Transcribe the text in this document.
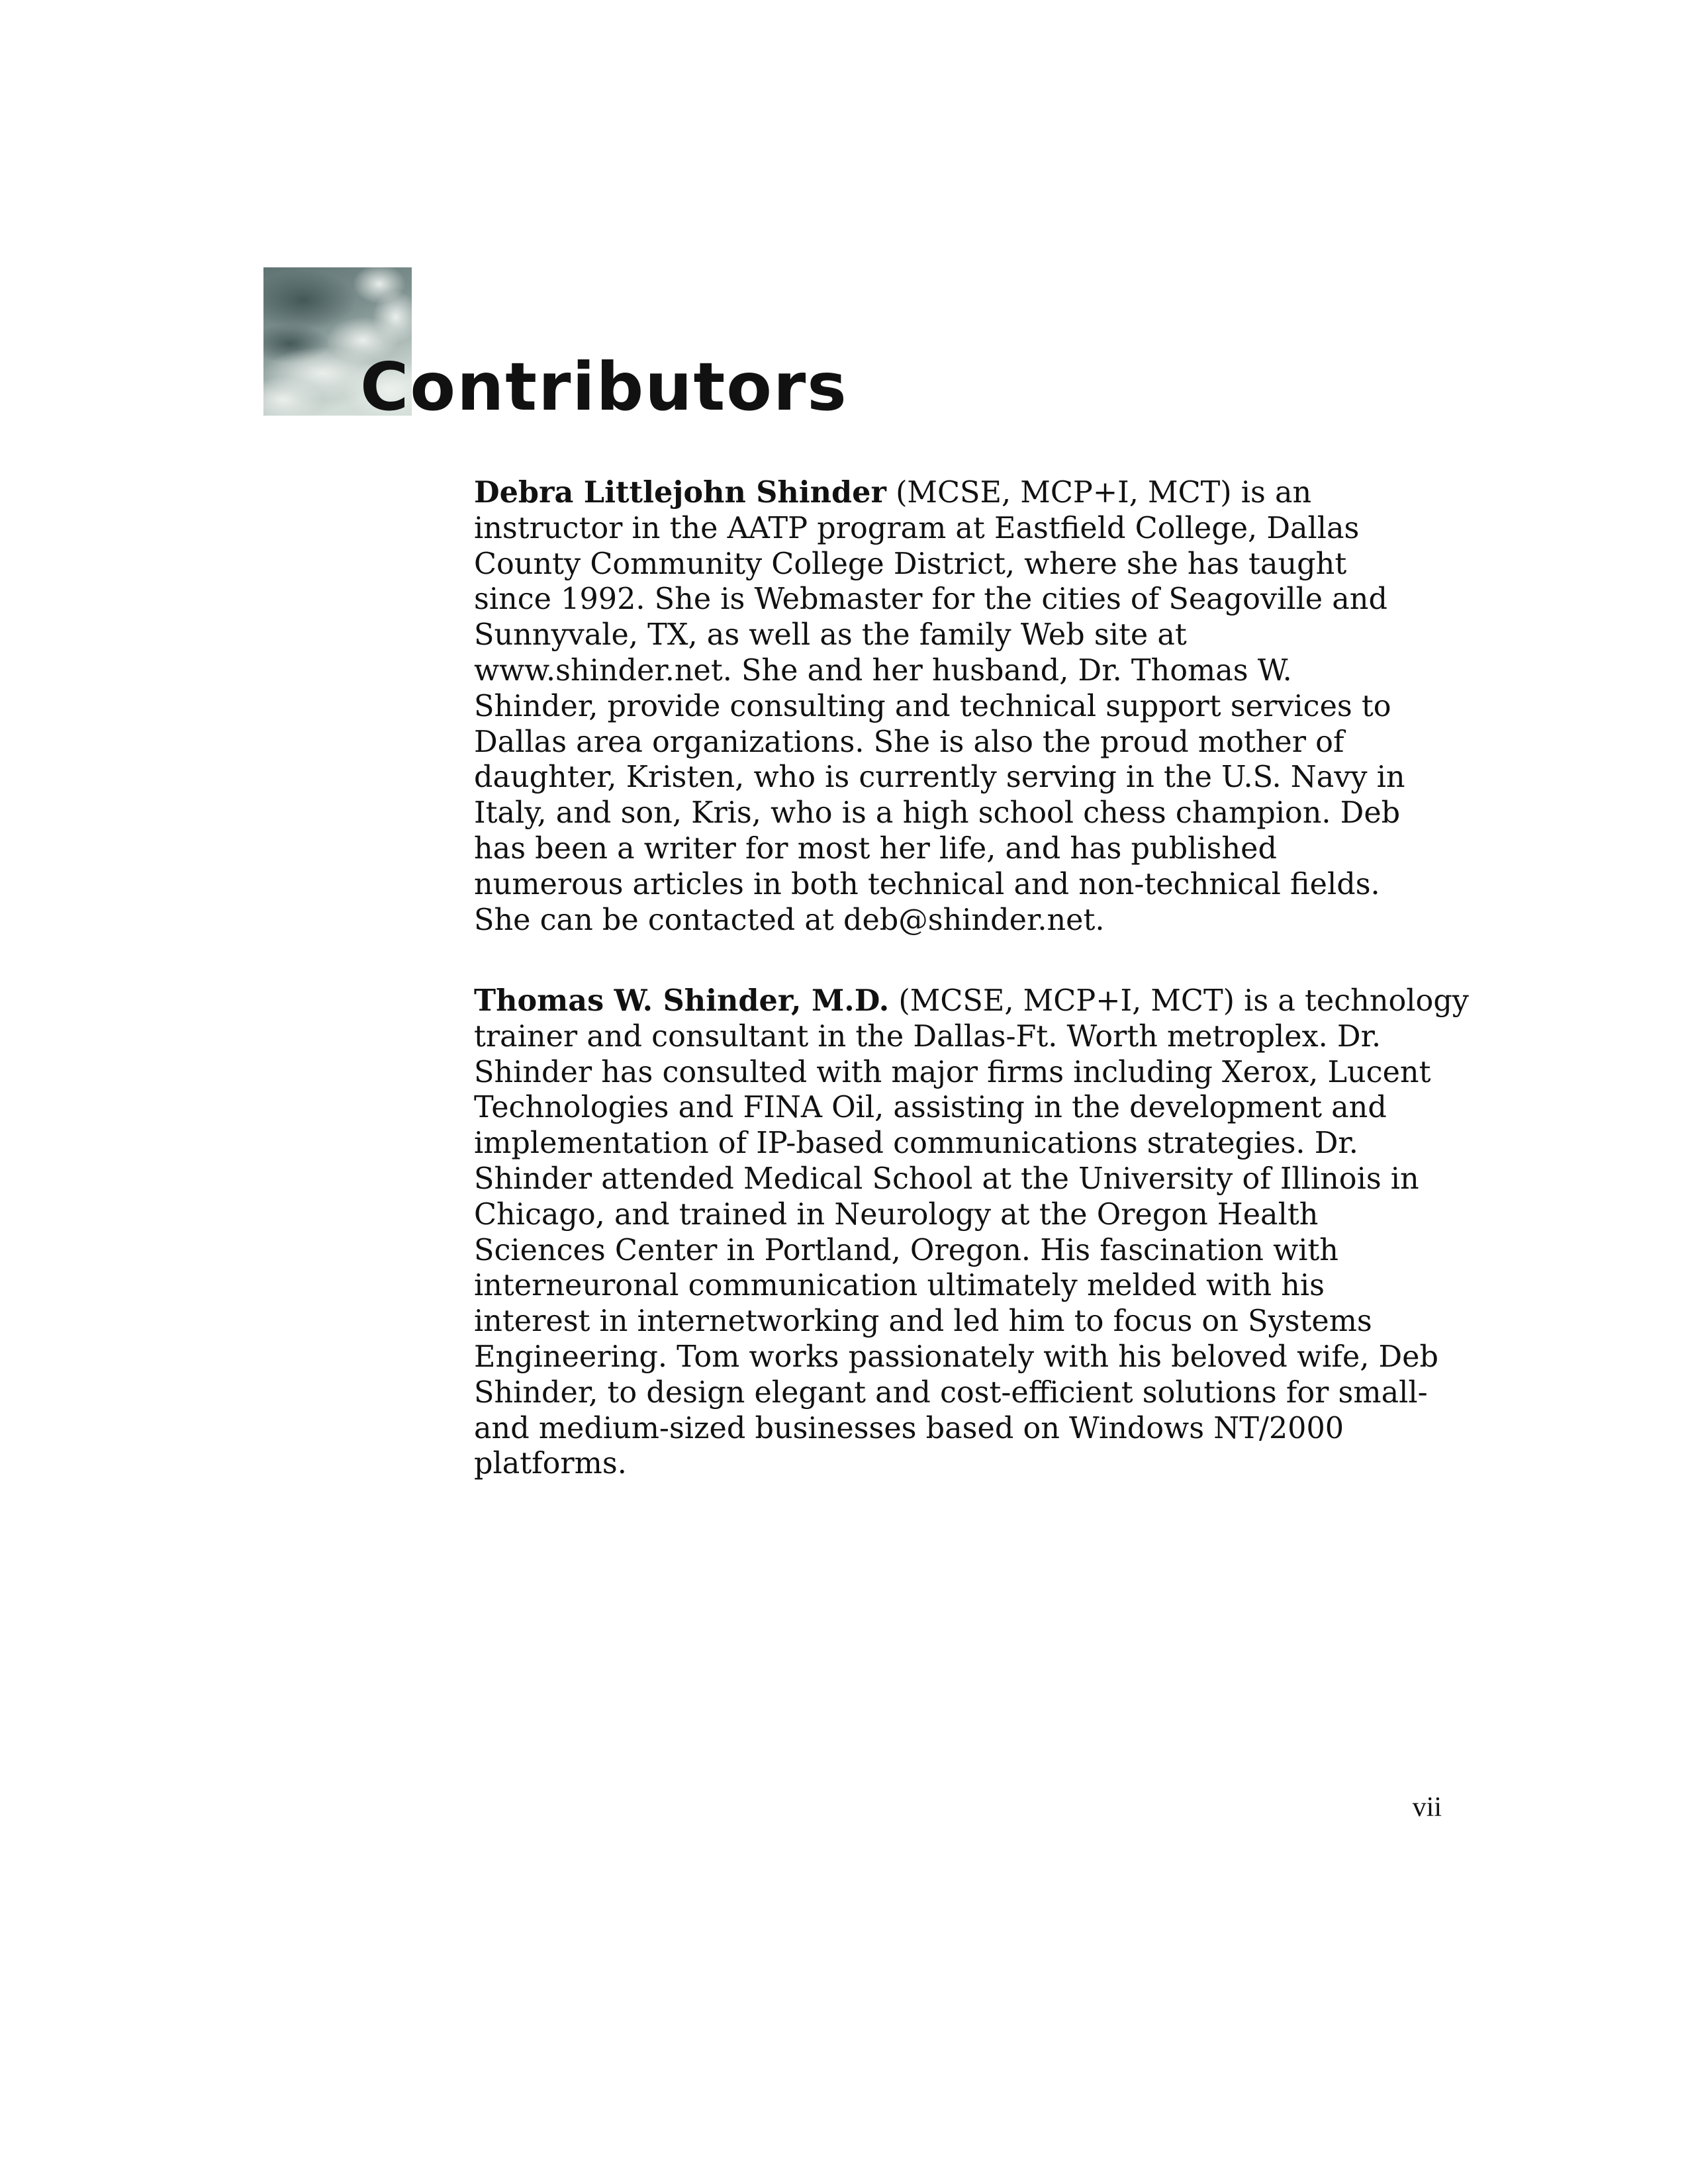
Contributors

Debra Littlejohn Shinder (MCSE, MCP+I, MCT) is an
instructor in the AATP program at Eastfield College, Dallas
County Community College District, where she has taught
since 1992. She is Webmaster for the cities of Seagoville and
Sunnyvale, TX, as well as the family Web site at
www.shinder.net. She and her husband, Dr. Thomas W.
Shinder, provide consulting and technical support services to
Dallas area organizations. She is also the proud mother of
daughter, Kristen, who is currently serving in the U.S. Navy in
Italy, and son, Kris, who is a high school chess champion. Deb
has been a writer for most her life, and has published
numerous articles in both technical and non-technical fields.
She can be contacted at deb@shinder.net.

Thomas W. Shinder, M.D. (MCSE, MCP+I, MCT) is a technology
trainer and consultant in the Dallas-Ft. Worth metroplex. Dr.
Shinder has consulted with major firms including Xerox, Lucent
Technologies and FINA Oil, assisting in the development and
implementation of IP-based communications strategies. Dr.
Shinder attended Medical School at the University of Illinois in
Chicago, and trained in Neurology at the Oregon Health
Sciences Center in Portland, Oregon. His fascination with
interneuronal communication ultimately melded with his
interest in internetworking and led him to focus on Systems
Engineering. Tom works passionately with his beloved wife, Deb
Shinder, to design elegant and cost-efficient solutions for small-
and medium-sized businesses based on Windows NT/2000
platforms.

vii
